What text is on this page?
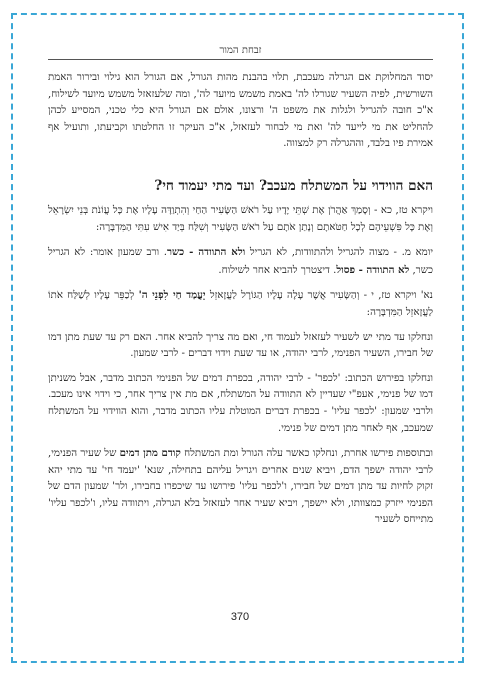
זבחת המור

יסוד המחלוקת אם הגרלה מעכבת, תלוי בהבנת מהות הגורל, אם הגורל הוא גילוי ובירור האמת השורשית, לפיה השעיר שגורלו לה' באמת משמש מיועד לה', ומה שלעזאזל משמש מיועד לשילוח, א"כ חובה להגריל ולגלות את משפט ה' ורצונו, אולם אם הגורל היא כלי טכני, המסייע לכהן להחליט את מי לייעד לה' ואת מי לבחור לעזאזל, א"כ העיקר זו החלטתו וקביעתו, ותועיל אף אמירת פיו בלבד, וההגרלה רק למצווה.

האם הווידוי על המשתלח מעכב? ועד מתי יעמוד חי?

ויקרא טז, כא - וְסָמַךְ אַהֲרֹן אֶת שְׁתֵּי יָדָיו עַל רֹאשׁ הַשָּׂעִיר הַחַי וְהִתְוַדָּה עָלָיו אֶת כָּל עֲוֹנֹת בְּנֵי יִשְׂרָאֵל וְאֶת כָּל פִּשְׁעֵיהֶם לְכָל חַטֹּאתָם וְנָתַן אֹתָם עַל רֹאשׁ הַשָּׂעִיר וְשִׁלַּח בְּיַד אִישׁ עִתִּי הַמִּדְבָּרָה:

יומא מ. - מצוה להגריל ולהתוודות, לא הגריל ולא התוודה - כשר. ורב שמעון אומר: לא הגריל כשר, לא התוודה - פסול. דיצטרך להביא אחר לשילוח.

נא' ויקרא טז, י - וְהַשָּׂעִיר אֲשֶׁר עָלָה עָלָיו הַגּוֹרָל לַעֲזָאזֵל יָעֳמַד חַי לִפְנֵי ה' לְכַפֵּר עָלָיו לְשַׁלַּח אֹתוֹ לַעֲזָאזֵל הַמִּדְבָּרָה:

ונחלקו עד מתי יש לשעיר לעזאזל לעמוד חי, ואם מה צריך להביא אחר. האם רק עד שעת מתן דמו של חבירו, השעיר הפנימי, לרבי יהודה, או עד שעת וידוי דברים - לרבי שמעון.

ונחלקו בפירוש הכתוב: 'לכפר' - לרבי יהודה, בכפרת דמים של הפנימי הכתוב מדבר, אבל משניתן דמו של פנימי, אעפ"י שעדיין לא התוודה על המשתלח, אם מת אין צריך אחר, כי וידוי אינו מעכב. ולרבי שמעון: 'לכפר עליו' - בכפרת דברים המוטלת עליו הכתוב מדבר, והוא הווידוי על המשתלח שמעכב, אף לאחר מתן דמים של פנימי.

ובתוספות פירשו אחרת, ונחלקו כאשר עלה הגורל ומת המשתלח קודם מתן דמים של שעיר הפנימי, לרבי יהודה ישפך הדם, ויביא שנים אחרים ויגריל עליהם בתחילה, שנא' 'יעמד חי' עד מתי יהא זקוק לחיות עד מתן דמים של חבירו, ו'לכפר עליו' פירושו עד שיכפרו בחבירו, ולר' שמעון הדם של הפנימי ייזרק כמצוותו, ולא יישפך, ויביא שעיר אחר לעזאזל בלא הגרלה, ויתוודה עליו, ו'לכפר עליו' מתייחס לשעיר

370
